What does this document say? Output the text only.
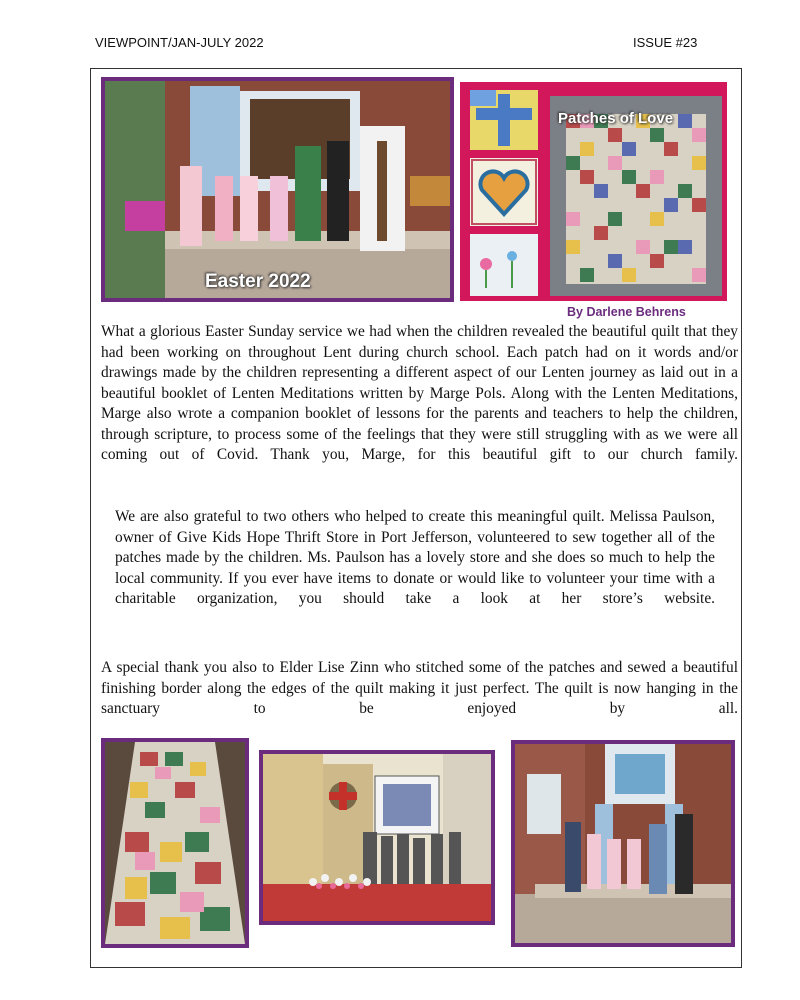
VIEWPOINT/JAN-JULY 2022	ISSUE #23
Easter 2022
Patches of Love
By Darlene Behrens

What a glorious Easter Sunday service we had when the children revealed the beautiful quilt that they had been working on throughout Lent during church school. Each patch had on it words and/or drawings made by the children representing a different aspect of our Lenten journey as laid out in a beautiful booklet of Lenten Meditations written by Marge Pols. Along with the Lenten Meditations, Marge also wrote a companion booklet of lessons for the parents and teachers to help the children, through scripture, to process some of the feelings that they were still struggling with as we were all coming out of Covid. Thank you, Marge, for this beautiful gift to our church family.

We are also grateful to two others who helped to create this meaningful quilt. Melissa Paulson, owner of Give Kids Hope Thrift Store in Port Jefferson, volunteered to sew together all of the patches made by the children. Ms. Paulson has a lovely store and she does so much to help the local community. If you ever have items to donate or would like to volunteer your time with a charitable organization, you should take a look at her store’s website.

A special thank you also to Elder Lise Zinn who stitched some of the patches and sewed a beautiful finishing border along the edges of the quilt making it just perfect. The quilt is now hanging in the sanctuary to be enjoyed by all.
